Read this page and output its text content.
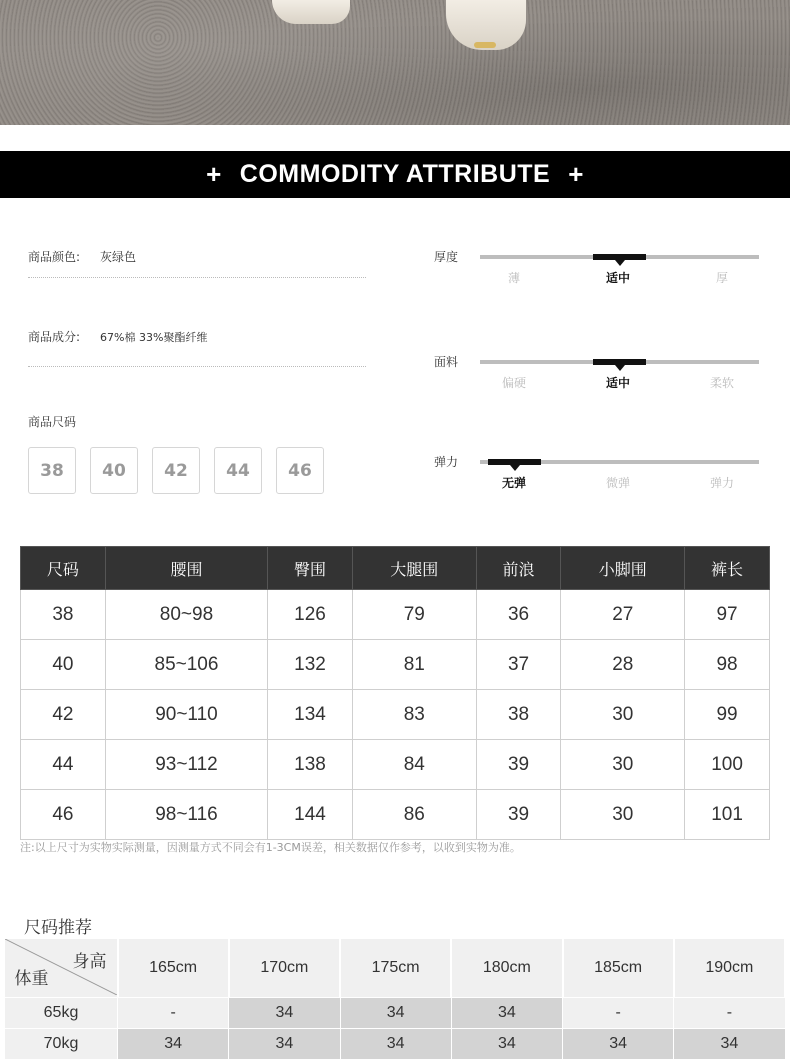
+ COMMODITY ATTRIBUTE +
商品颜色: 灰绿色
商品成分: 67%棉 33%聚酯纤维
商品尺码
38	40	42	44	46
厚度
薄	适中	厚
面料
偏硬	适中	柔软
弹力
无弹	微弹	弹力
尺码	腰围	臀围	大腿围	前浪	小脚围	裤长
38	80~98	126	79	36	27	97
40	85~106	132	81	37	28	98
42	90~110	134	83	38	30	99
44	93~112	138	84	39	30	100
46	98~116	144	86	39	30	101
注:以上尺寸为实物实际测量，因测量方式不同会有1-3CM误差，相关数据仅作参考，以收到实物为准。
尺码推荐
身高
体重	165cm	170cm	175cm	180cm	185cm	190cm
65kg	-	34	34	34	-	-
70kg	34	34	34	34	34	34
